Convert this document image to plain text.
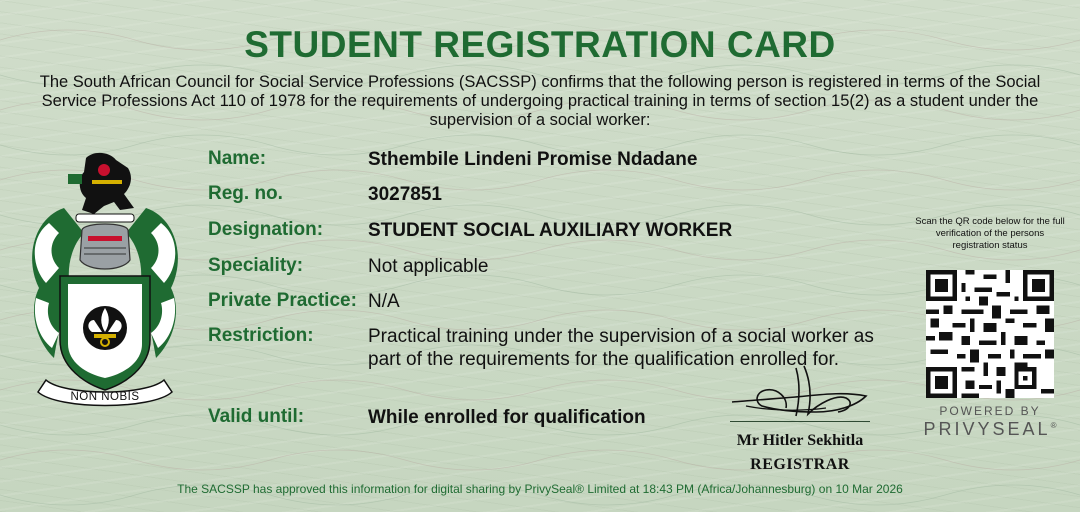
STUDENT REGISTRATION CARD
The South African Council for Social Service Professions (SACSSP) confirms that the following person is registered in terms of the Social Service Professions Act 110 of 1978 for the requirements of undergoing practical training in terms of section 15(2) as a student under the supervision of a social worker:
NON NOBIS
Name:	Sthembile Lindeni Promise Ndadane
Reg. no.	3027851
Designation: STUDENT SOCIAL AUXILIARY WORKER
Speciality:	Not applicable
Private Practice: N/A
Restriction:	Practical training under the supervision of a social worker as part of the requirements for the qualification enrolled for.
Valid until:	While enrolled for qualification
Mr Hitler Sekhitla
REGISTRAR
Scan the QR code below for the full verification of the persons registration status
POWERED BY
PRIVYSEAL®
The SACSSP has approved this information for digital sharing by PrivySeal® Limited at 18:43 PM (Africa/Johannesburg) on 10 Mar 2026
